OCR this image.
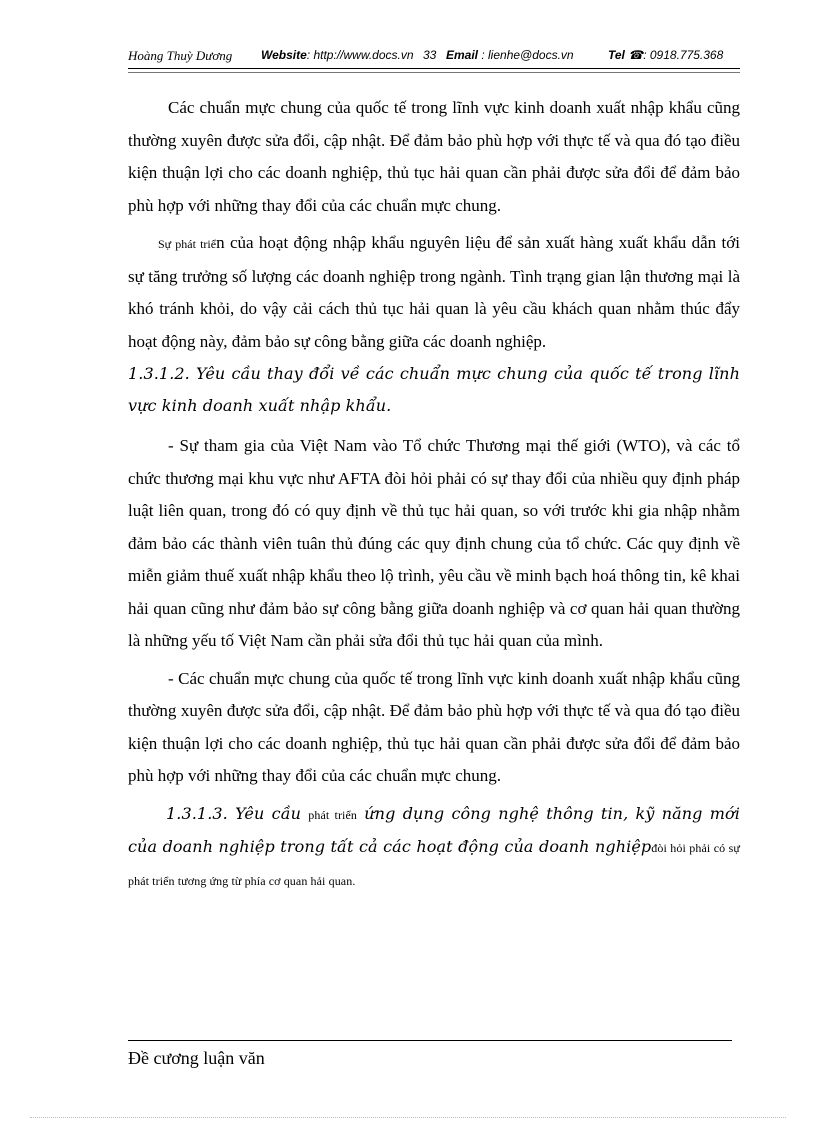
Hoàng Thuỳ Dương Website: http://www.docs.vn 33 Email : lienhe@docs.vn	Tel ☎: 0918.775.368

Các chuẩn mực chung của quốc tế trong lĩnh vực kinh doanh xuất nhập khẩu cũng thường xuyên được sửa đổi, cập nhật. Để đảm bảo phù hợp với thực tế và qua đó tạo điều kiện thuận lợi cho các doanh nghiệp, thủ tục hải quan cần phải được sửa đổi để đảm bảo phù hợp với những thay đổi của các chuẩn mực chung.

Sự phát triển của hoạt động nhập khẩu nguyên liệu để sản xuất hàng xuất khẩu dẫn tới sự tăng trưởng số lượng các doanh nghiệp trong ngành. Tình trạng gian lận thương mại là khó tránh khỏi, do vậy cải cách thủ tục hải quan là yêu cầu khách quan nhằm thúc đẩy hoạt động này, đảm bảo sự công bằng giữa các doanh nghiệp.

1.3.1.2. Yêu cầu thay đổi về các chuẩn mực chung của quốc tế trong lĩnh vực kinh doanh xuất nhập khẩu.

- Sự tham gia của Việt Nam vào Tổ chức Thương mại thế giới (WTO), và các tổ chức thương mại khu vực như AFTA đòi hỏi phải có sự thay đổi của nhiều quy định pháp luật liên quan, trong đó có quy định về thủ tục hải quan, so với trước khi gia nhập nhằm đảm bảo các thành viên tuân thủ đúng các quy định chung của tổ chức. Các quy định về miễn giảm thuế xuất nhập khẩu theo lộ trình, yêu cầu về minh bạch hoá thông tin, kê khai hải quan cũng như đảm bảo sự công bằng giữa doanh nghiệp và cơ quan hải quan thường là những yếu tố Việt Nam cần phải sửa đổi thủ tục hải quan của mình.

- Các chuẩn mực chung của quốc tế trong lĩnh vực kinh doanh xuất nhập khẩu cũng thường xuyên được sửa đổi, cập nhật. Để đảm bảo phù hợp với thực tế và qua đó tạo điều kiện thuận lợi cho các doanh nghiệp, thủ tục hải quan cần phải được sửa đổi để đảm bảo phù hợp với những thay đổi của các chuẩn mực chung.

1.3.1.3. Yêu cầu phát triển ứng dụng công nghệ thông tin, kỹ năng mới của doanh nghiệp trong tất cả các hoạt động của doanh nghiệpđòi hỏi phải có sự phát triển tương ứng từ phía cơ quan hải quan.

Đề cương luận văn
